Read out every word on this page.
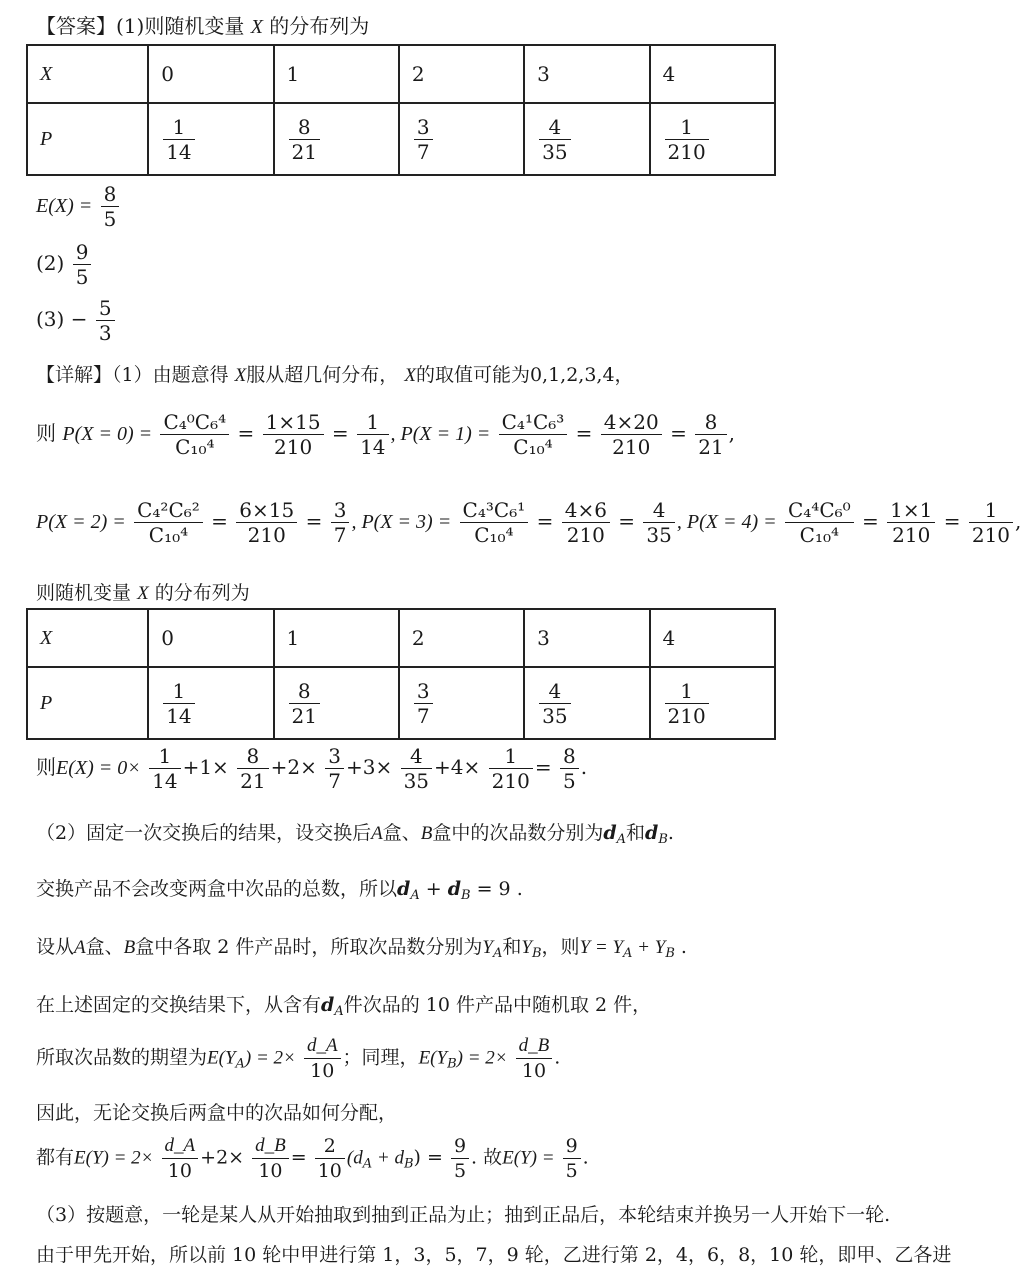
【答案】(1)则随机变量 X 的分布列为
X	0	1	2	3	4
P	$\frac{1}{14}$	$\frac{8}{21}$	$\frac{3}{7}$	$\frac{4}{35}$	$\frac{1}{210}$
$E(X) = \frac{8}{5}$
$(2) \frac{9}{5}$
$(3) - \frac{5}{3}$
【详解】（1）由题意得 X服从超几何分布， X的取值可能为0,1,2,3,4，
则 $P(X = 0) = \frac{\text{C₄⁰C₆⁴}}{\text{C₁₀⁴}} = \frac{1\times 15}{210} = \frac{1}{14}$ , $P(X = 1) = \frac{\text{C₄¹C₆³}}{\text{C₁₀⁴}} = \frac{4\times 20}{210} = \frac{8}{21}$ ,
$P(X = 2) = \frac{\text{C₄²C₆²}}{\text{C₁₀⁴}} = \frac{6\times 15}{210} = \frac{3}{7}$ , $P(X = 3) = \frac{\text{C₄³C₆¹}}{\text{C₁₀⁴}} = \frac{4\times 6}{210} = \frac{4}{35}$ , $P(X = 4) = \frac{\text{C₄⁴C₆⁰}}{\text{C₁₀⁴}} = \frac{1\times 1}{210} = \frac{1}{210}$ ,
则随机变量 X 的分布列为
X	0	1	2	3	4
P	$\frac{1}{14}$	$\frac{8}{21}$	$\frac{3}{7}$	$\frac{4}{35}$	$\frac{1}{210}$
则$E(X) = 0\times \frac{1}{14} +1\times \frac{8}{21} +2\times \frac{3}{7} +3\times \frac{4}{35} +4\times \frac{1}{210} = \frac{8}{5}$ .
（2）固定一次交换后的结果，设交换后A盒、B盒中的次品数分别为$d_A$和$d_B$.
交换产品不会改变两盒中次品的总数，所以$d_A + d_B = 9$ .
设从A盒、B盒中各取 2 件产品时，所取次品数分别为$Y_A$和$Y_B$，则$Y = Y_A + Y_B$ .
在上述固定的交换结果下，从含有$d_A$件次品的 10 件产品中随机取 2 件，
所取次品数的期望为$E(Y_A) = 2\times \frac{d\_A}{10}$ ；同理，$E(Y_B) = 2\times \frac{d\_B}{10}$ .
因此，无论交换后两盒中的次品如何分配，
都有$E(Y) = 2\times \frac{d\_A}{10} +2\times \frac{d\_B}{10} = \frac{2}{10} (d_A + d_B) = \frac{9}{5}$ . 故$E(Y) = \frac{9}{5}$ .
（3）按题意，一轮是某人从开始抽取到抽到正品为止；抽到正品后，本轮结束并换另一人开始下一轮.
由于甲先开始，所以前 10 轮中甲进行第 1，3，5，7，9 轮，乙进行第 2，4，6，8，10 轮，即甲、乙各进
